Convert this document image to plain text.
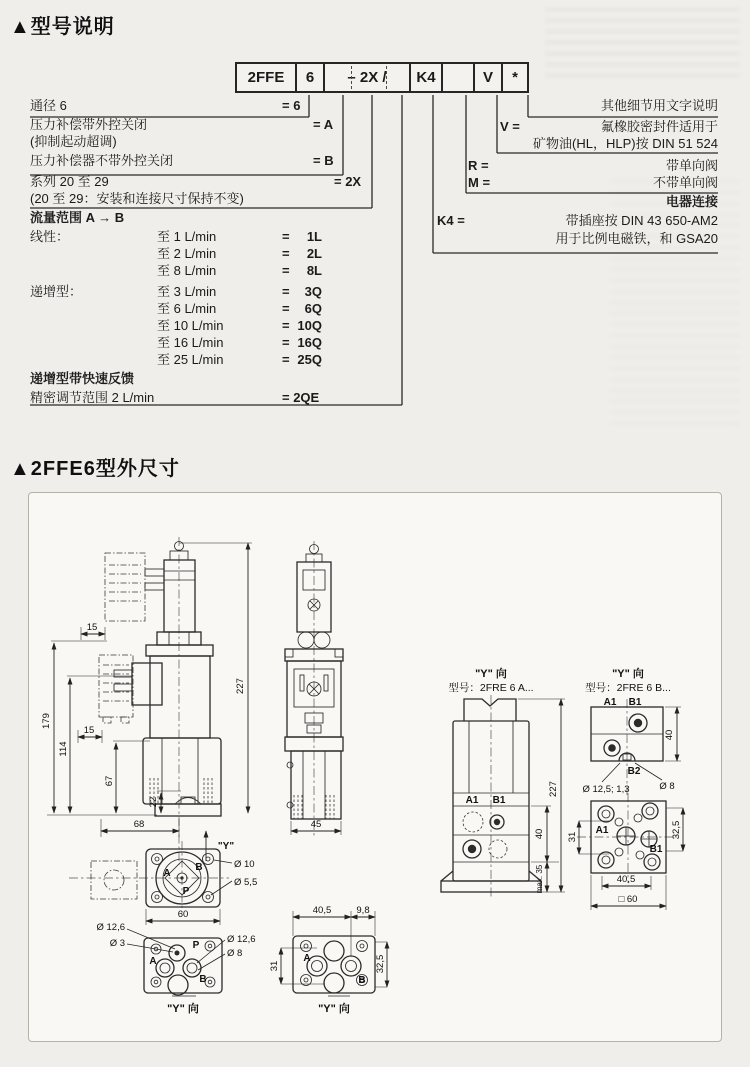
▲型号说明
2FFE	6	– 2X /	K4	V	*
通径 6	= 6
压力补偿带外控关闭	= A
(抑制起动超调)
压力补偿器不带外控关闭	= B
系列 20 至 29	= 2X
(20 至 29：安装和连接尺寸保持不变)
流量范围 A → B
线性：	至 1 L/min	=	1L
至 2 L/min	=	2L
至 8 L/min	=	8L
递增型：	至 3 L/min	=	3Q
至 6 L/min	=	6Q
至 10 L/min	= 10Q
至 16 L/min	= 16Q
至 25 L/min	= 25Q
递增型带快速反馈
精密调节范围 2 L/min	= 2QE
其他细节用文字说明
V =	氟橡胶密封件适用于
矿物油(HL，HLP)按 DIN 51 524
R =	带单向阀
M =	不带单向阀
电器连接
K4 =	带插座按 DIN 43 650-AM2
用于比例电磁铁，和 GSA20
▲2FFE6型外尺寸
15
15
179
114
67
22
227
68
"Y"
45
A
B
P
Ø 10
Ø 5,5
60
P
A
B
Ø 12,6
Ø 3	Ø 12,6
Ø 8
"Y" 向
A
B
40,5	9,8
31	32,5
"Y" 向
"Y" 向
型号：2FRE 6 A...
A1 B1
40
max. 35
227
"Y" 向
型号：2FRE 6 B...
A1 B1
B2
40
Ø 12,5; 1,3	Ø 8
A1
B1
31	32,5
40,5
□ 60
